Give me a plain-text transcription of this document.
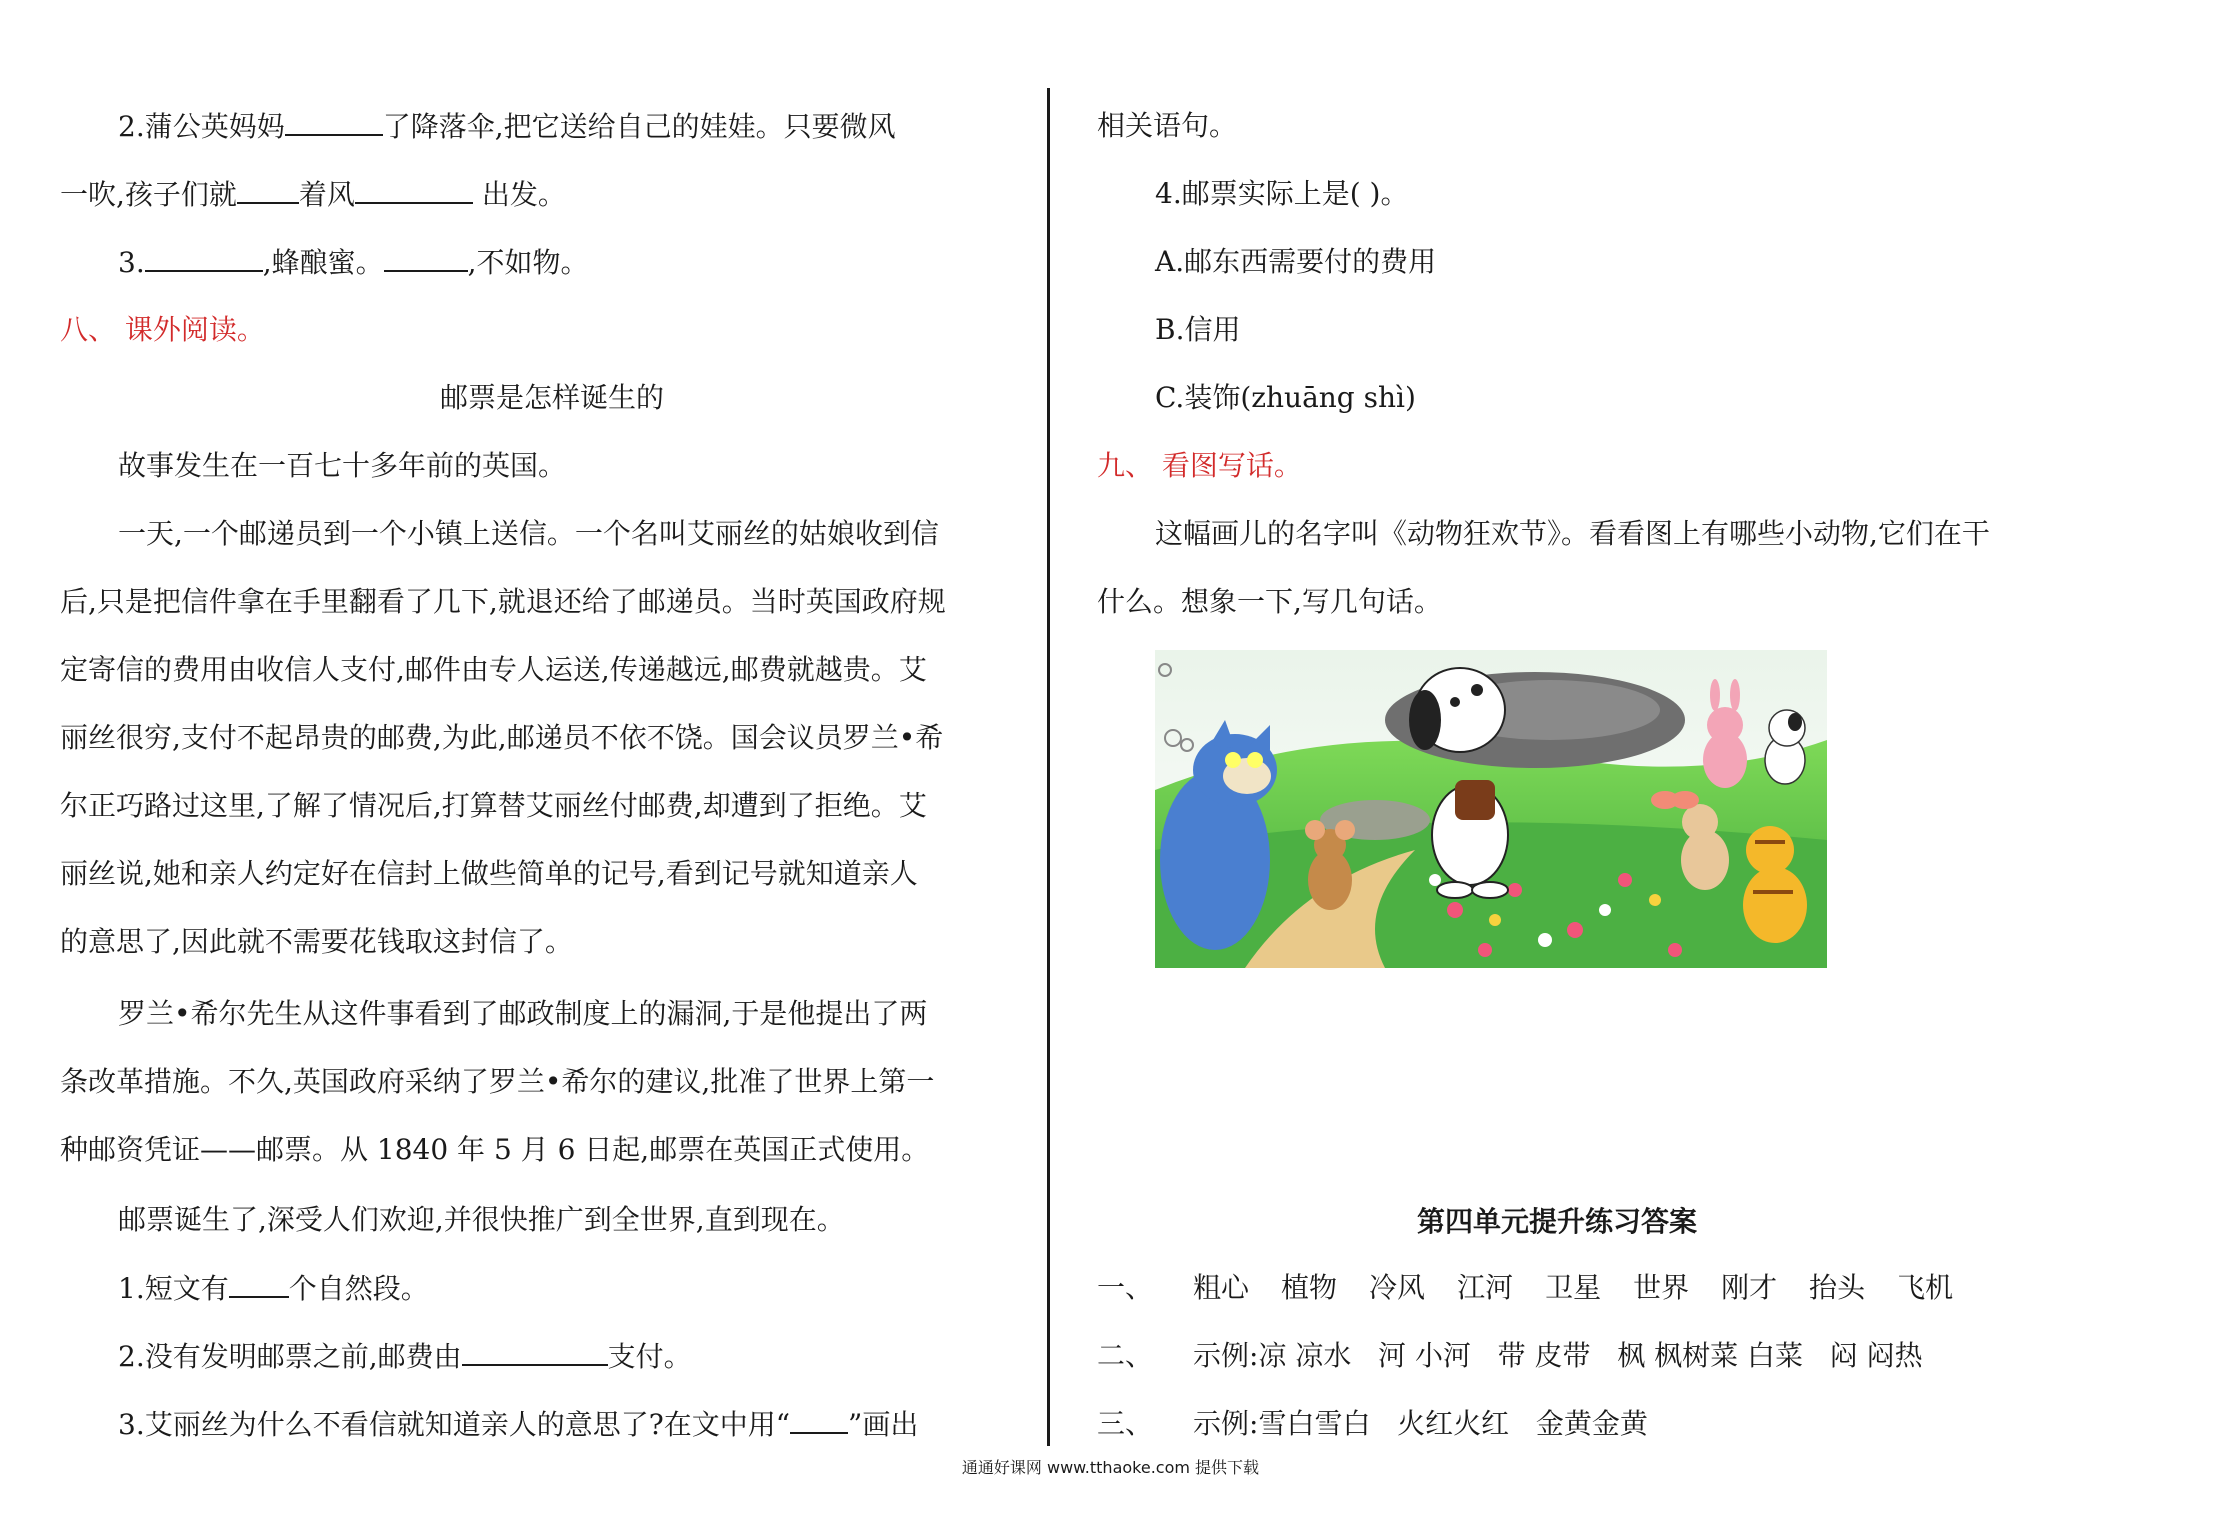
2.蒲公英妈妈	了降落伞,把它送给自己的娃娃。只要微风
一吹,孩子们就 着风	出发。
3.	,蜂酿蜜。	,不如物。
八、 课外阅读。
邮票是怎样诞生的
故事发生在一百七十多年前的英国。
一天,一个邮递员到一个小镇上送信。一个名叫艾丽丝的姑娘收到信
后,只是把信件拿在手里翻看了几下,就退还给了邮递员。当时英国政府规
定寄信的费用由收信人支付,邮件由专人运送,传递越远,邮费就越贵。艾
丽丝很穷,支付不起昂贵的邮费,为此,邮递员不依不饶。国会议员罗兰•希
尔正巧路过这里,了解了情况后,打算替艾丽丝付邮费,却遭到了拒绝。艾
丽丝说,她和亲人约定好在信封上做些简单的记号,看到记号就知道亲人
的意思了,因此就不需要花钱取这封信了。
罗兰•希尔先生从这件事看到了邮政制度上的漏洞,于是他提出了两
条改革措施。不久,英国政府采纳了罗兰•希尔的建议,批准了世界上第一
种邮资凭证——邮票。从 1840 年 5 月 6 日起,邮票在英国正式使用。
邮票诞生了,深受人们欢迎,并很快推广到全世界,直到现在。
1.短文有 个自然段。
2.没有发明邮票之前,邮费由	支付。
3.艾丽丝为什么不看信就知道亲人的意思了?在文中用“ ”画出
相关语句。
4.邮票实际上是( )。
A.邮东西需要付的费用
B.信用
C.装饰(zhuāng shì)
九、 看图写话。
这幅画儿的名字叫《动物狂欢节》。看看图上有哪些小动物,它们在干
什么。想象一下,写几句话。
第四单元提升练习答案
一、 粗心 植物 冷风 江河 卫星 世界 刚才 抬头 飞机
二、 示例:凉 凉水   河 小河   带 皮带   枫 枫树菜 白菜   闷 闷热
三、 示例:雪白雪白   火红火红   金黄金黄
通通好课网 www.tthaoke.com 提供下载
